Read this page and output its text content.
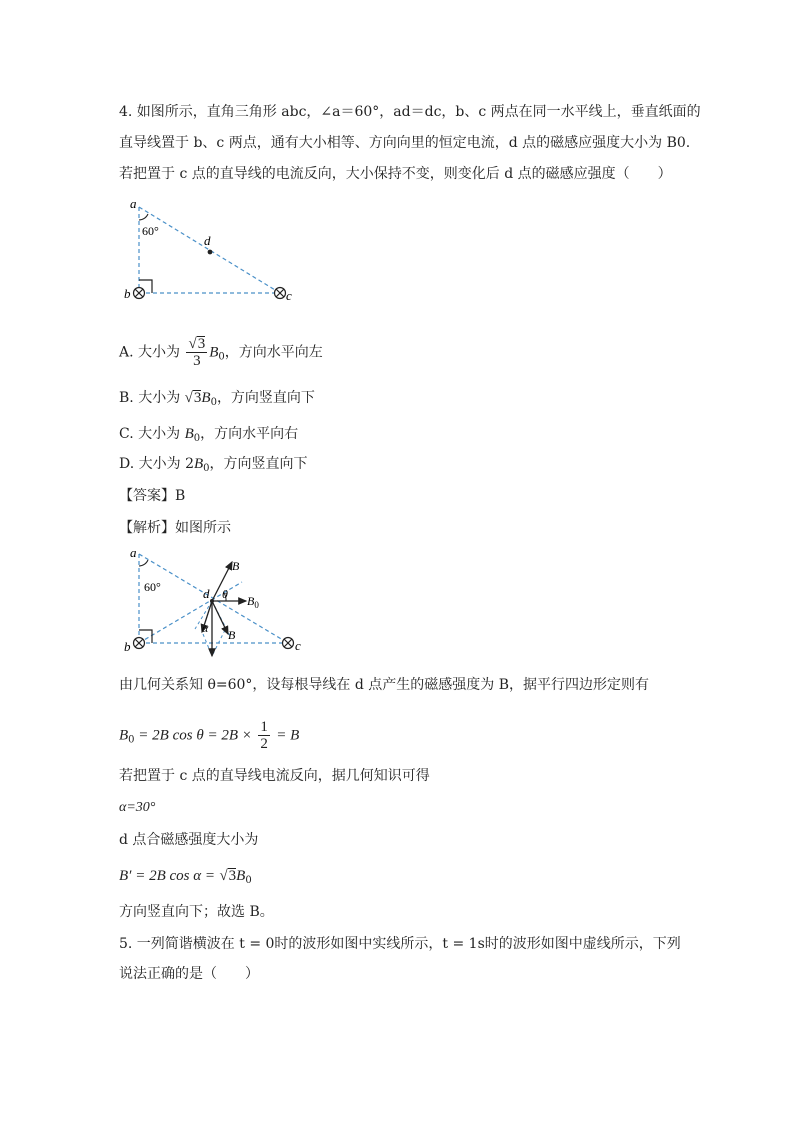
4. 如图所示，直角三角形 abc，∠a＝60°，ad＝dc，b、c 两点在同一水平线上，垂直纸面的
直导线置于 b、c 两点，通有大小相等、方向向里的恒定电流，d 点的磁感应强度大小为 B0.
若把置于 c 点的直导线的电流反向，大小保持不变，则变化后 d 点的磁感应强度（　　）
a
b	c
d
60°
A. 大小为 $\frac{√3}{3} B_0$，方向水平向左
B. 大小为 $√3B_0$，方向竖直向下
C. 大小为 $B_0$，方向水平向右
D. 大小为 $2B_0$，方向竖直向下
【答案】B
【解析】如图所示
a
b	c
d
60°	θ
α
B
B
$B_0$
由几何关系知 θ=60°，设每根导线在 d 点产生的磁感强度为 B，据平行四边形定则有
$B_0 = 2B$ $\cos \theta = 2B \times \frac{1}{2} = B$
若把置于 c 点的直导线电流反向，据几何知识可得
α=30°
d 点合磁感强度大小为
B′ = 2B $\cos \alpha = √3B_0$
方向竖直向下；故选 B。
5. 一列简谐横波在 t = 0时的波形如图中实线所示，t = 1s时的波形如图中虚线所示，下列
说法正确的是（　　）
